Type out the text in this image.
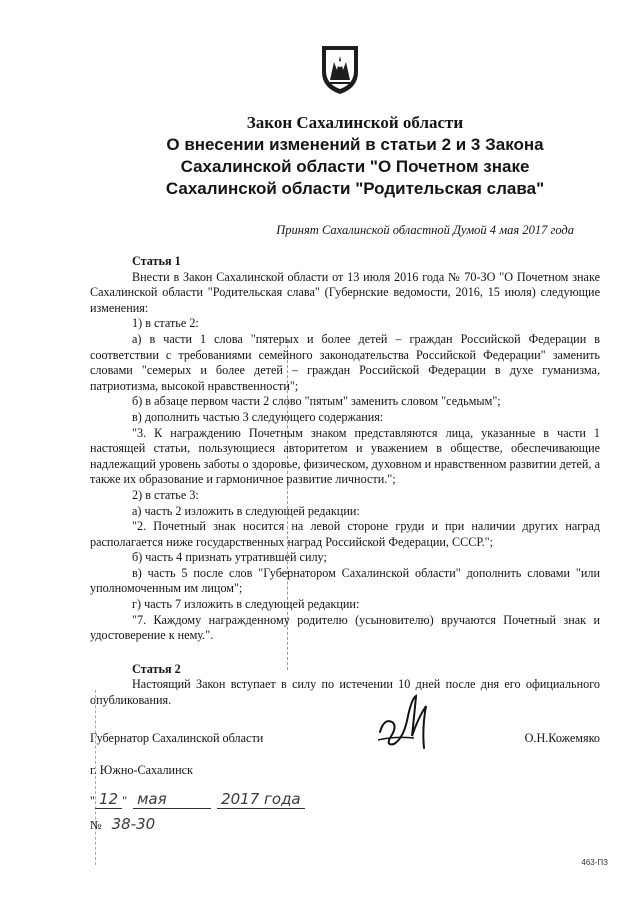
Закон Сахалинской области
О внесении изменений в статьи 2 и 3 Закона
Сахалинской области "О Почетном знаке
Сахалинской области "Родительская слава"
Принят Сахалинской областной Думой 4 мая 2017 года

Статья 1

Внести в Закон Сахалинской области от 13 июля 2016 года № 70-ЗО "О Почетном знаке Сахалинской области "Родительская слава" (Губернские ведомости, 2016, 15 июля) следующие изменения:

1) в статье 2:

а) в части 1 слова "пятерых и более детей – граждан Российской Федерации в соответствии с требованиями семейного законодательства Российской Федерации" заменить словами "семерых и более детей – граждан Российской Федерации в духе гуманизма, патриотизма, высокой нравственности";

б) в абзаце первом части 2 слово "пятым" заменить словом "седьмым";

в) дополнить частью 3 следующего содержания:

"3. К награждению Почетным знаком представляются лица, указанные в части 1 настоящей статьи, пользующиеся авторитетом и уважением в обществе, обеспечивающие надлежащий уровень заботы о здоровье, физическом, духовном и нравственном развитии детей, а также их образование и гармоничное развитие личности.";

2) в статье 3:

а) часть 2 изложить в следующей редакции:

"2. Почетный знак носится на левой стороне груди и при наличии других наград располагается ниже государственных наград Российской Федерации, СССР.";

б) часть 4 признать утратившей силу;

в) часть 5 после слов "Губернатором Сахалинской области" дополнить словами "или уполномоченным им лицом";

г) часть 7 изложить в следующей редакции:

"7. Каждому награжденному родителю (усыновителю) вручаются Почетный знак и удостоверение к нему.".

Статья 2

Настоящий Закон вступает в силу по истечении 10 дней после дня его официального опубликования.

Губернатор Сахалинской области	О.Н.Кожемяко
г. Южно-Сахалинск
" 12 " мая	2017 года
№ 38-30
463-ПЗ
